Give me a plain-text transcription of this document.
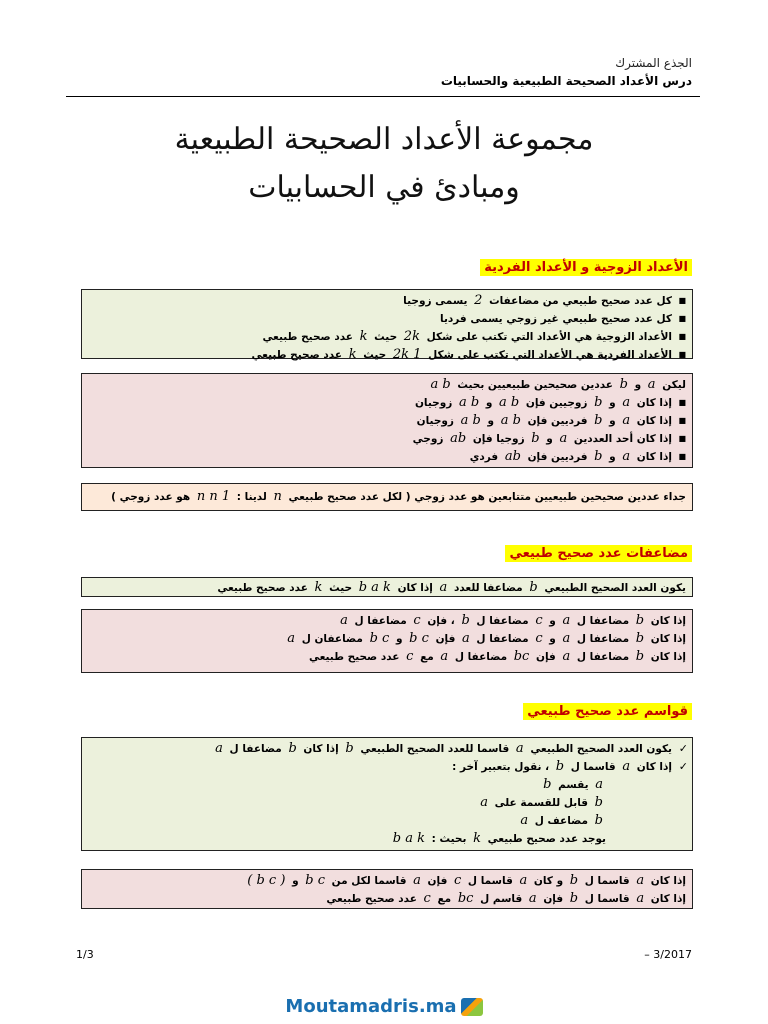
الجذع المشترك
درس الأعداد الصحيحة الطبيعية والحسابيات
مجموعة الأعداد الصحيحة الطبيعية
ومبادئ في الحسابيات
الأعداد الزوجية و الأعداد الفردية
■
كل عدد صحيح طبيعي من مضاعفات 2 يسمى زوجيا
■
كل عدد صحيح طبيعي غير زوجي يسمى فرديا
■
الأعداد الزوجية هي الأعداد التي تكتب على شكل 2k حيث k عدد صحيح طبيعي
■
الأعداد الفردية هي الأعداد التي تكتب على شكل 2k 1 حيث k عدد صحيح طبيعي
ليكن a و b عددين صحيحين طبيعيين بحيث a b
■
إذا كان a و b زوجيين فإن a b و a b زوجيان
■
إذا كان a و b فرديين فإن a b و a b زوجيان
■
إذا كان أحد العددين a و b زوجيا فإن ab زوجي
■
إذا كان a و b فرديين فإن ab فردي
جداء عددين صحيحين طبيعيين متتابعين هو عدد زوجي ( لكل عدد صحيح طبيعي n لدينا : n n 1 هو عدد زوجي )
مضاعفات عدد صحيح طبيعي
يكون العدد الصحيح الطبيعي b مضاعفا للعدد a إذا كان b a k حيث k عدد صحيح طبيعي
إذا كان b مضاعفا ل a و c مضاعفا ل b ، فإن c مضاعفا ل a
إذا كان b مضاعفا ل a و c مضاعفا ل a فإن b c و b c مضاعفان ل a
إذا كان b مضاعفا ل a فإن bc مضاعفا ل a مع c عدد صحيح طبيعي
قواسم عدد صحيح طبيعي
✓
يكون العدد الصحيح الطبيعي a قاسما للعدد الصحيح الطبيعي b إذا كان b مضاعفا ل a
✓
إذا كان a قاسما ل b ، نقول بتعبير آخر :
a يقسم b
b قابل للقسمة على a
b مضاعف ل a
يوجد عدد صحيح طبيعي k بحيث : b a k
إذا كان a قاسما ل b و كان a قاسما ل c فإن a قاسما لكل من b c و ( b c )
إذا كان a قاسما ل b فإن a قاسم ل bc مع c عدد صحيح طبيعي
1/3	– 3/2017
Moutamadris.ma
